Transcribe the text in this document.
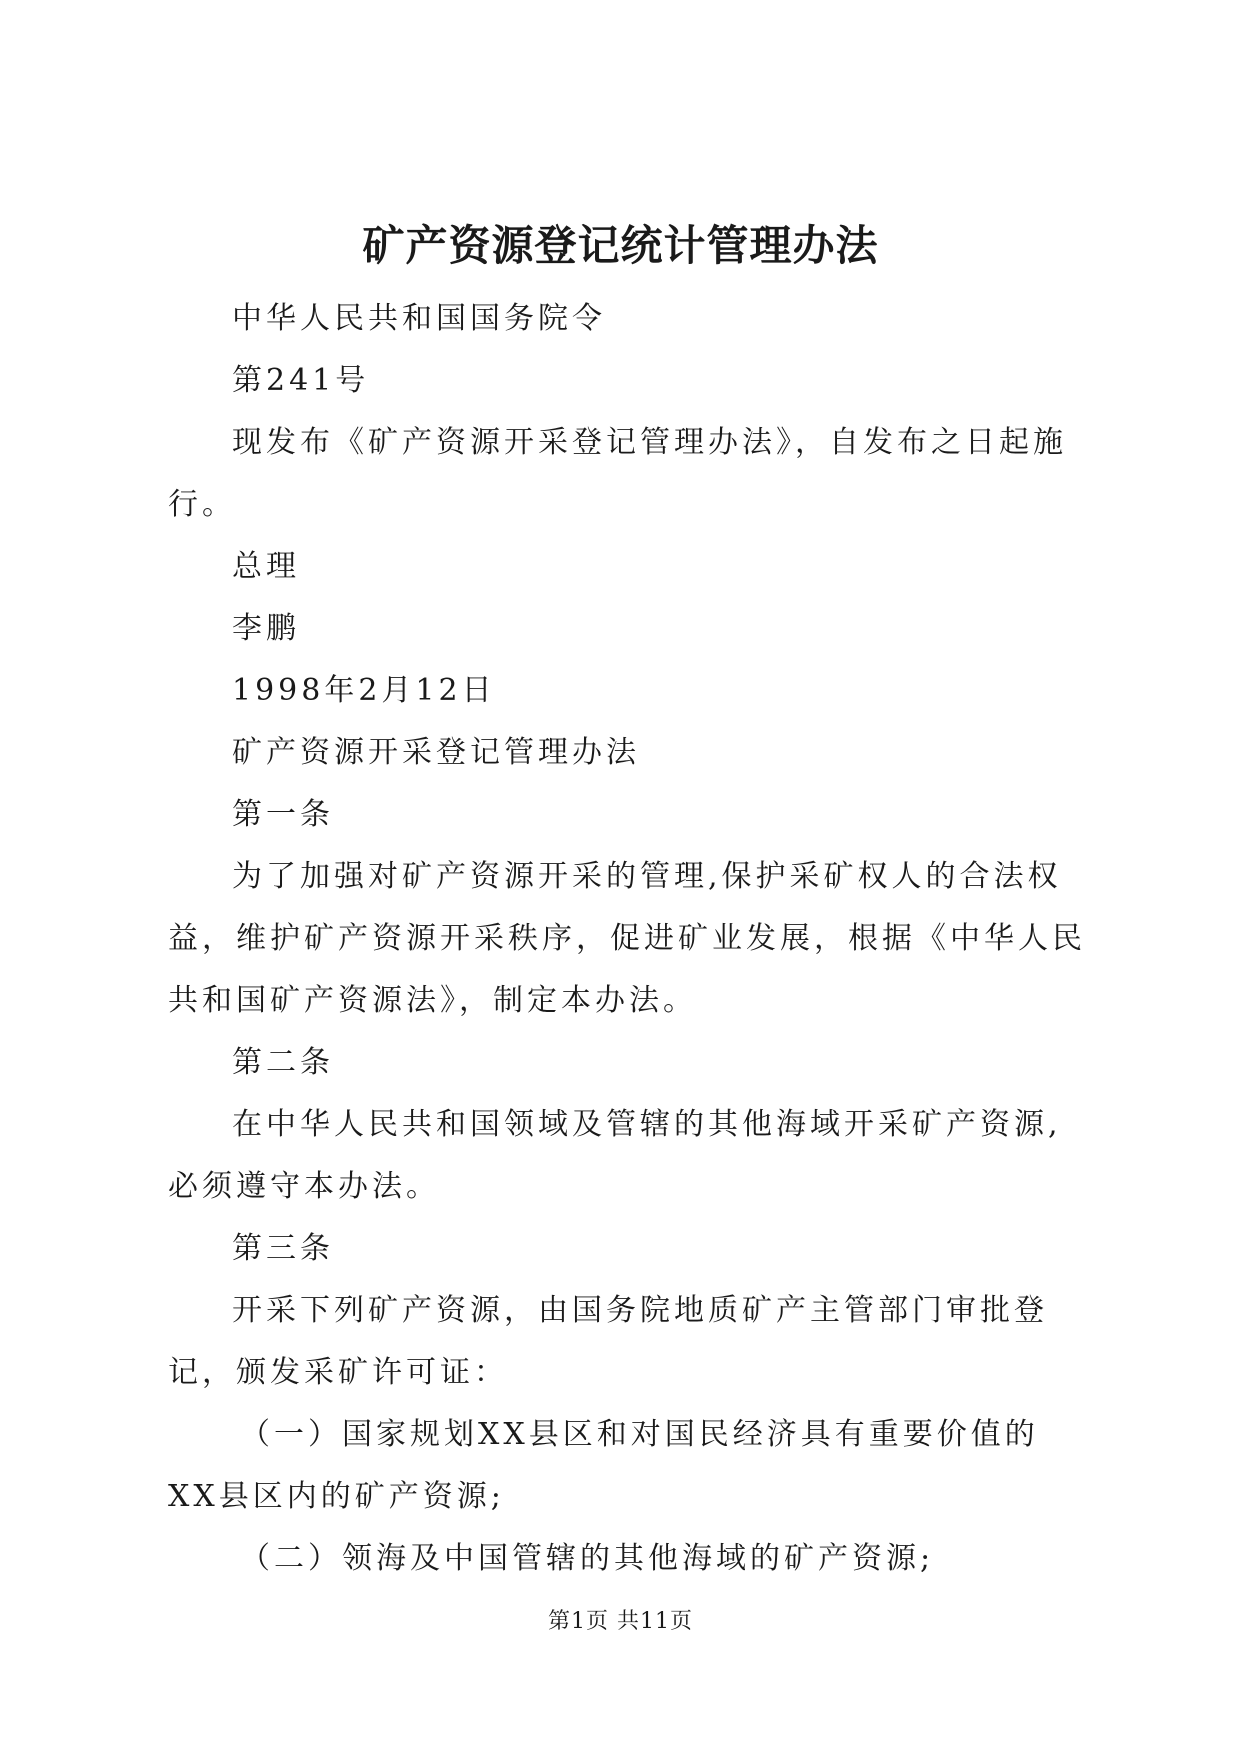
矿产资源登记统计管理办法

中华人民共和国国务院令

第241号

现发布《矿产资源开采登记管理办法》，自发布之日起施行。

总理

李鹏

1998年2月12日

矿产资源开采登记管理办法

第一条

为了加强对矿产资源开采的管理,保护采矿权人的合法权益，维护矿产资源开采秩序，促进矿业发展，根据《中华人民共和国矿产资源法》，制定本办法。

第二条

在中华人民共和国领域及管辖的其他海域开采矿产资源,必须遵守本办法。

第三条

开采下列矿产资源，由国务院地质矿产主管部门审批登记，颁发采矿许可证：

（一）国家规划XX县区和对国民经济具有重要价值的XX县区内的矿产资源;

（二）领海及中国管辖的其他海域的矿产资源;

第1页 共11页
